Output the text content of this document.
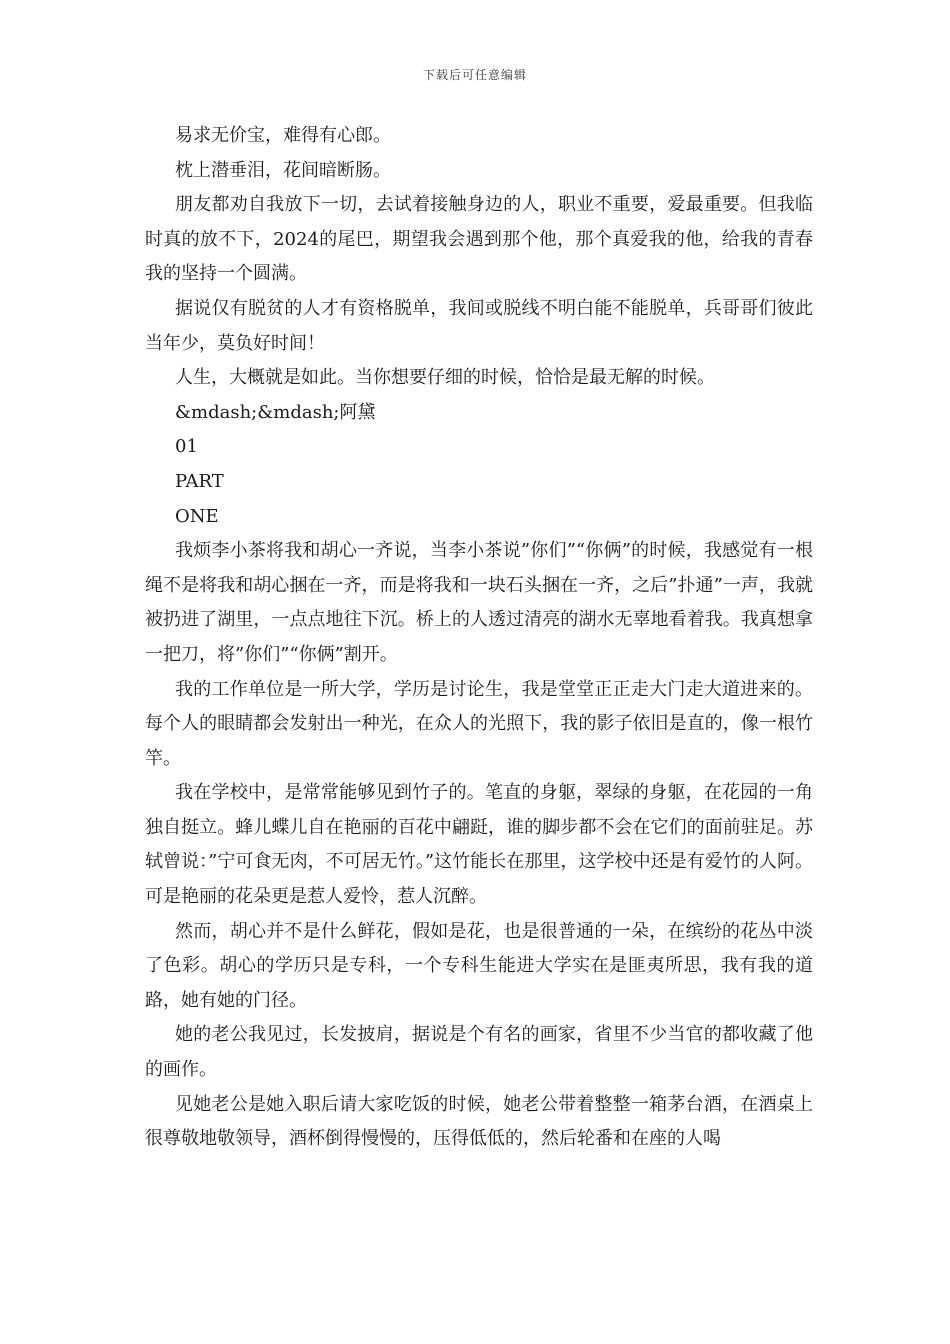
下载后可任意编辑

易求无价宝，难得有心郎。

枕上潜垂泪，花间暗断肠。

朋友都劝自我放下一切，去试着接触身边的人，职业不重要，爱最重要。但我临时真的放不下，2024的尾巴，期望我会遇到那个他，那个真爱我的他，给我的青春我的坚持一个圆满。

据说仅有脱贫的人才有资格脱单，我间或脱线不明白能不能脱单，兵哥哥们彼此当年少，莫负好时间！

人生，大概就是如此。当你想要仔细的时候，恰恰是最无解的时候。

&mdash;&mdash;阿黛

01

PART

ONE

我烦李小茶将我和胡心一齐说，当李小茶说”你们”“你俩”的时候，我感觉有一根绳不是将我和胡心捆在一齐，而是将我和一块石头捆在一齐，之后”扑通”一声，我就被扔进了湖里，一点点地往下沉。桥上的人透过清亮的湖水无辜地看着我。我真想拿一把刀，将”你们”“你俩”割开。

我的工作单位是一所大学，学历是讨论生，我是堂堂正正走大门走大道进来的。每个人的眼睛都会发射出一种光，在众人的光照下，我的影子依旧是直的，像一根竹竿。

我在学校中，是常常能够见到竹子的。笔直的身躯，翠绿的身躯，在花园的一角独自挺立。蜂儿蝶儿自在艳丽的百花中翩跹，谁的脚步都不会在它们的面前驻足。苏轼曾说：”宁可食无肉，不可居无竹。”这竹能长在那里，这学校中还是有爱竹的人阿。可是艳丽的花朵更是惹人爱怜，惹人沉醉。

然而，胡心并不是什么鲜花，假如是花，也是很普通的一朵，在缤纷的花丛中淡了色彩。胡心的学历只是专科，一个专科生能进大学实在是匪夷所思，我有我的道路，她有她的门径。

她的老公我见过，长发披肩，据说是个有名的画家，省里不少当官的都收藏了他的画作。

见她老公是她入职后请大家吃饭的时候，她老公带着整整一箱茅台酒，在酒桌上很尊敬地敬领导，酒杯倒得慢慢的，压得低低的，然后轮番和在座的人喝
